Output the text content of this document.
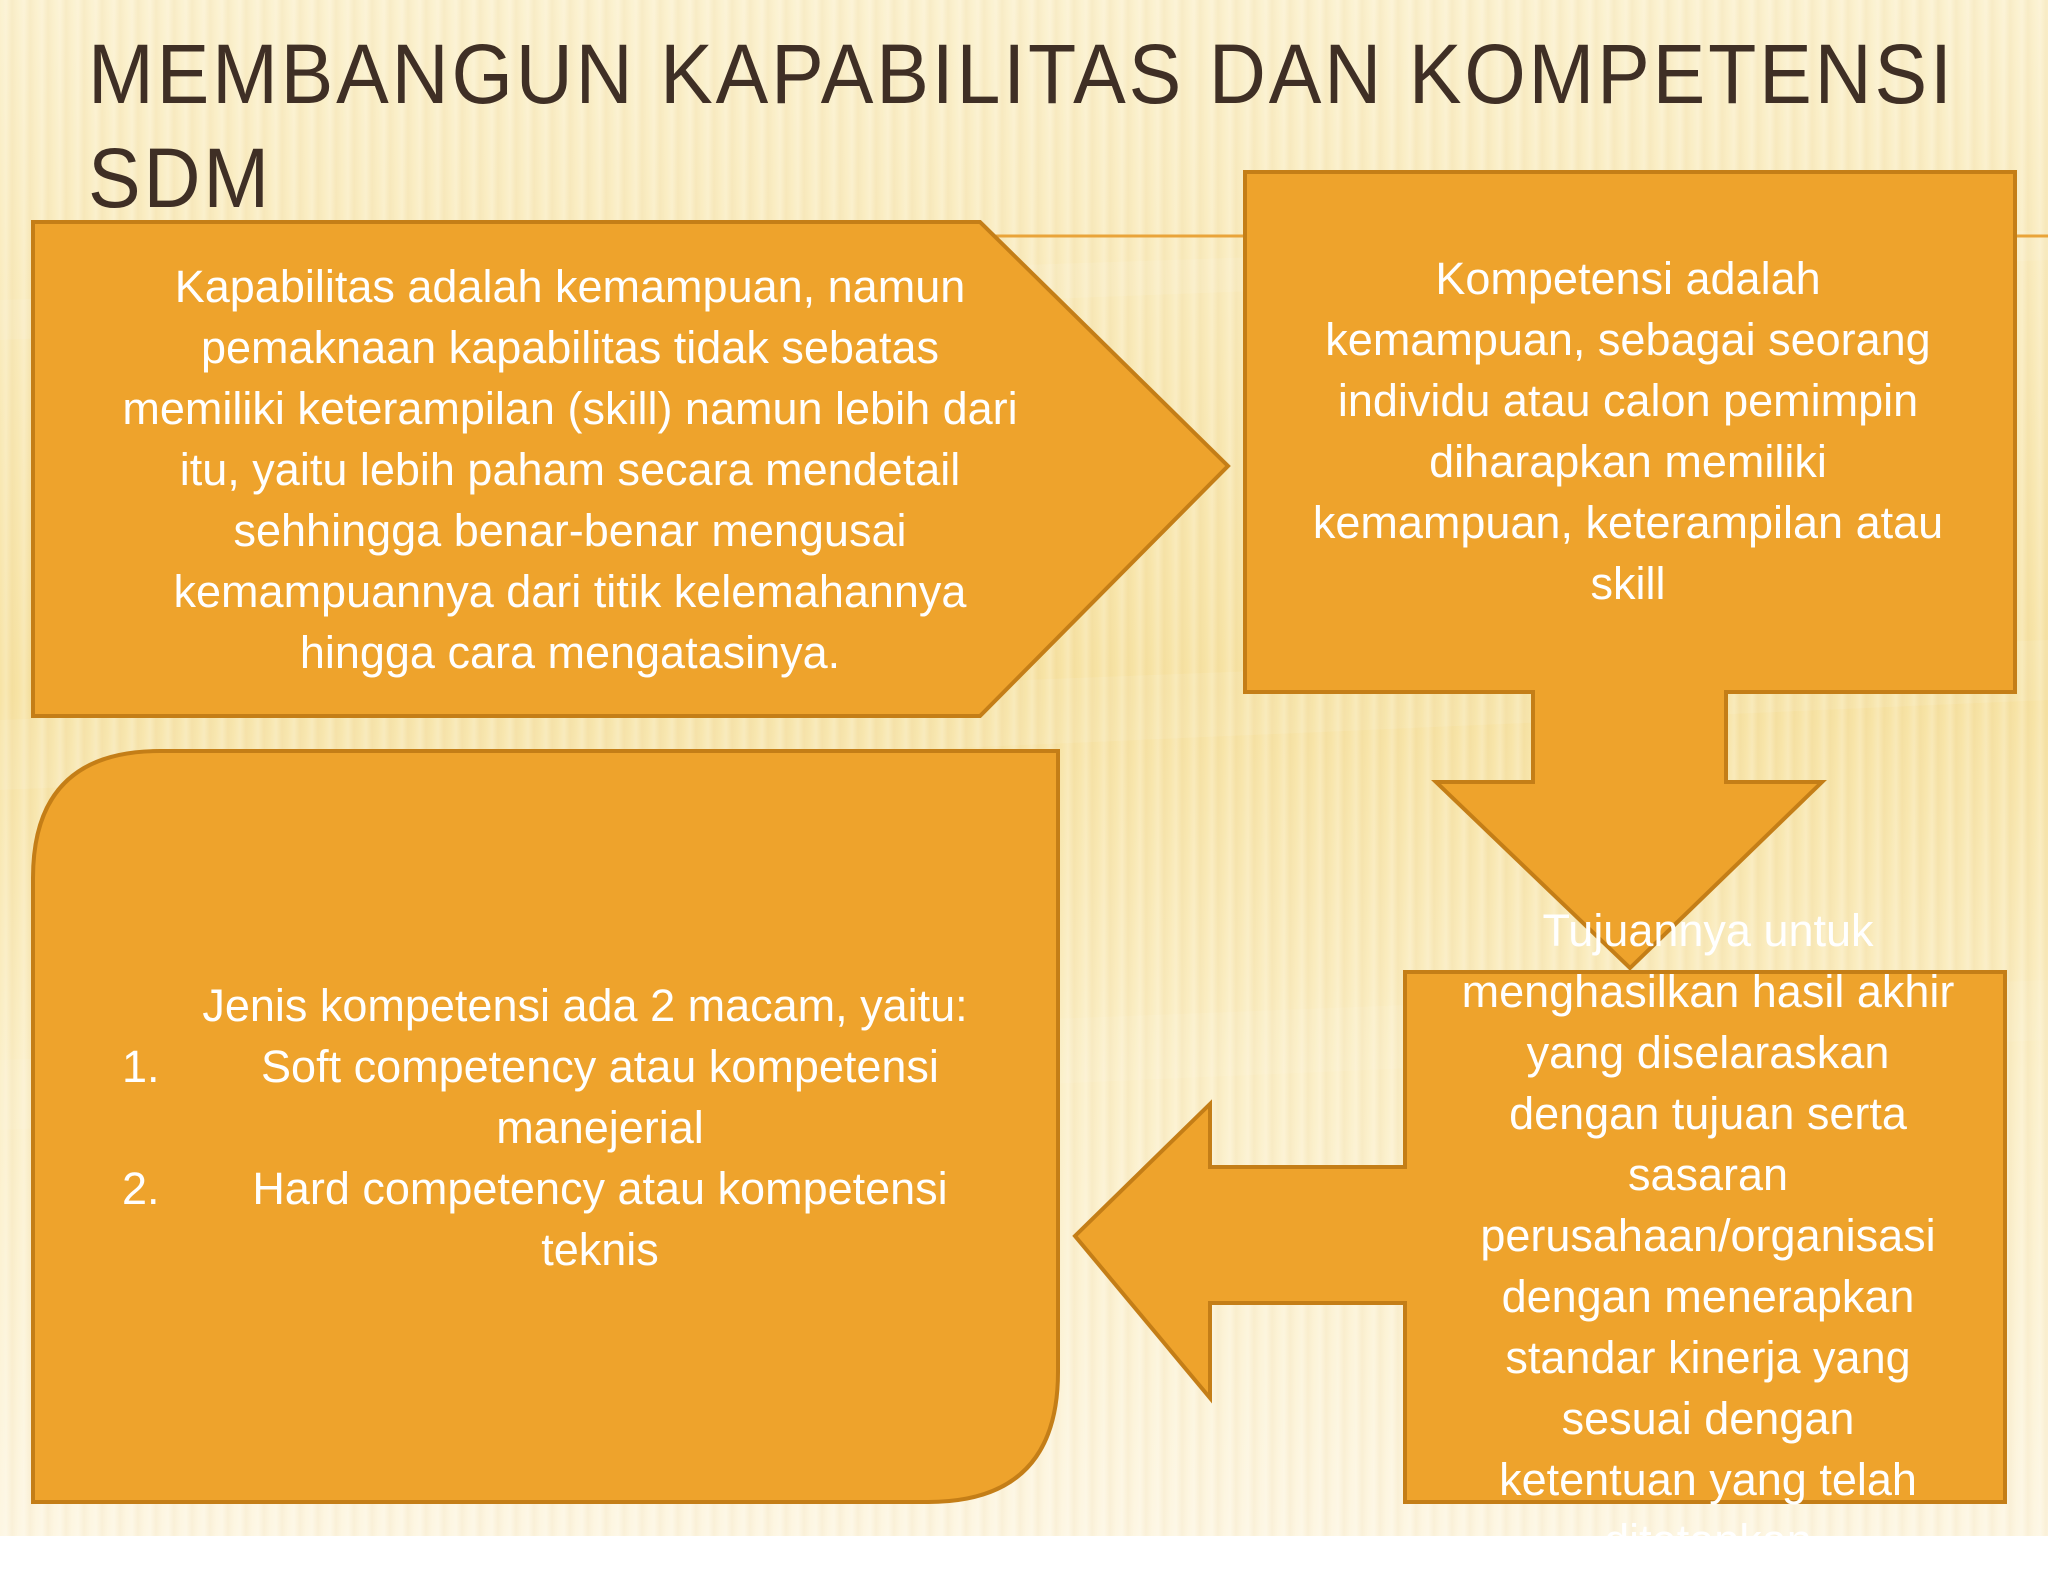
MEMBANGUN KAPABILITAS DAN KOMPETENSI
SDM
Kapabilitas adalah kemampuan, namun
pemaknaan kapabilitas tidak sebatas
memiliki keterampilan (skill) namun lebih dari
itu, yaitu lebih paham secara mendetail
sehhingga benar-benar mengusai
kemampuannya dari titik kelemahannya
hingga cara mengatasinya.
Kompetensi adalah
kemampuan, sebagai seorang
individu atau calon pemimpin
diharapkan memiliki
kemampuan, keterampilan atau
skill
Tujuannya untuk
menghasilkan hasil akhir
yang diselaraskan
dengan tujuan serta
sasaran
perusahaan/organisasi
dengan menerapkan
standar kinerja yang
sesuai dengan
ketentuan yang telah
ditetapkan
Jenis kompetensi ada 2 macam, yaitu:
1.	Soft competency atau kompetensi
manejerial
2.	Hard competency atau kompetensi
teknis
